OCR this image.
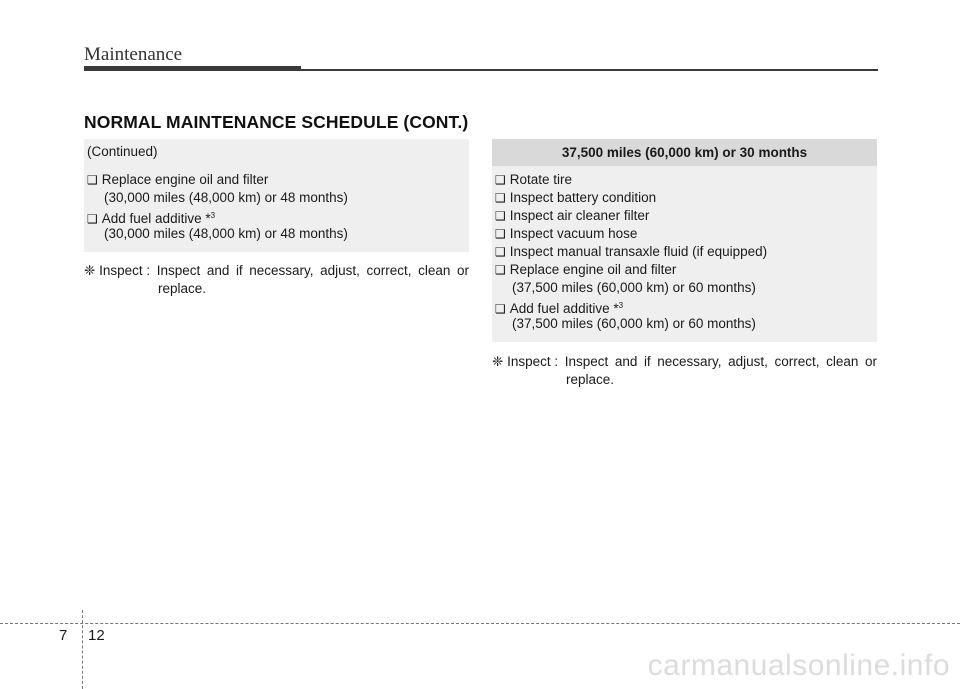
Maintenance
NORMAL MAINTENANCE SCHEDULE (CONT.)
(Continued)
❑ Replace engine oil and filter
(30,000 miles (48,000 km) or 48 months)
❑ Add fuel additive *$^3$
(30,000 miles (48,000 km) or 48 months)
❈ Inspect : Inspect and if necessary, adjust, correct, clean or
replace.
37,500 miles (60,000 km) or 30 months
❑ Rotate tire
❑ Inspect battery condition
❑ Inspect air cleaner filter
❑ Inspect vacuum hose
❑ Inspect manual transaxle fluid (if equipped)
❑ Replace engine oil and filter
(37,500 miles (60,000 km) or 60 months)
❑ Add fuel additive *$^3$
(37,500 miles (60,000 km) or 60 months)
❈ Inspect : Inspect and if necessary, adjust, correct, clean or
replace.
7 12
carmanualsonline.info
